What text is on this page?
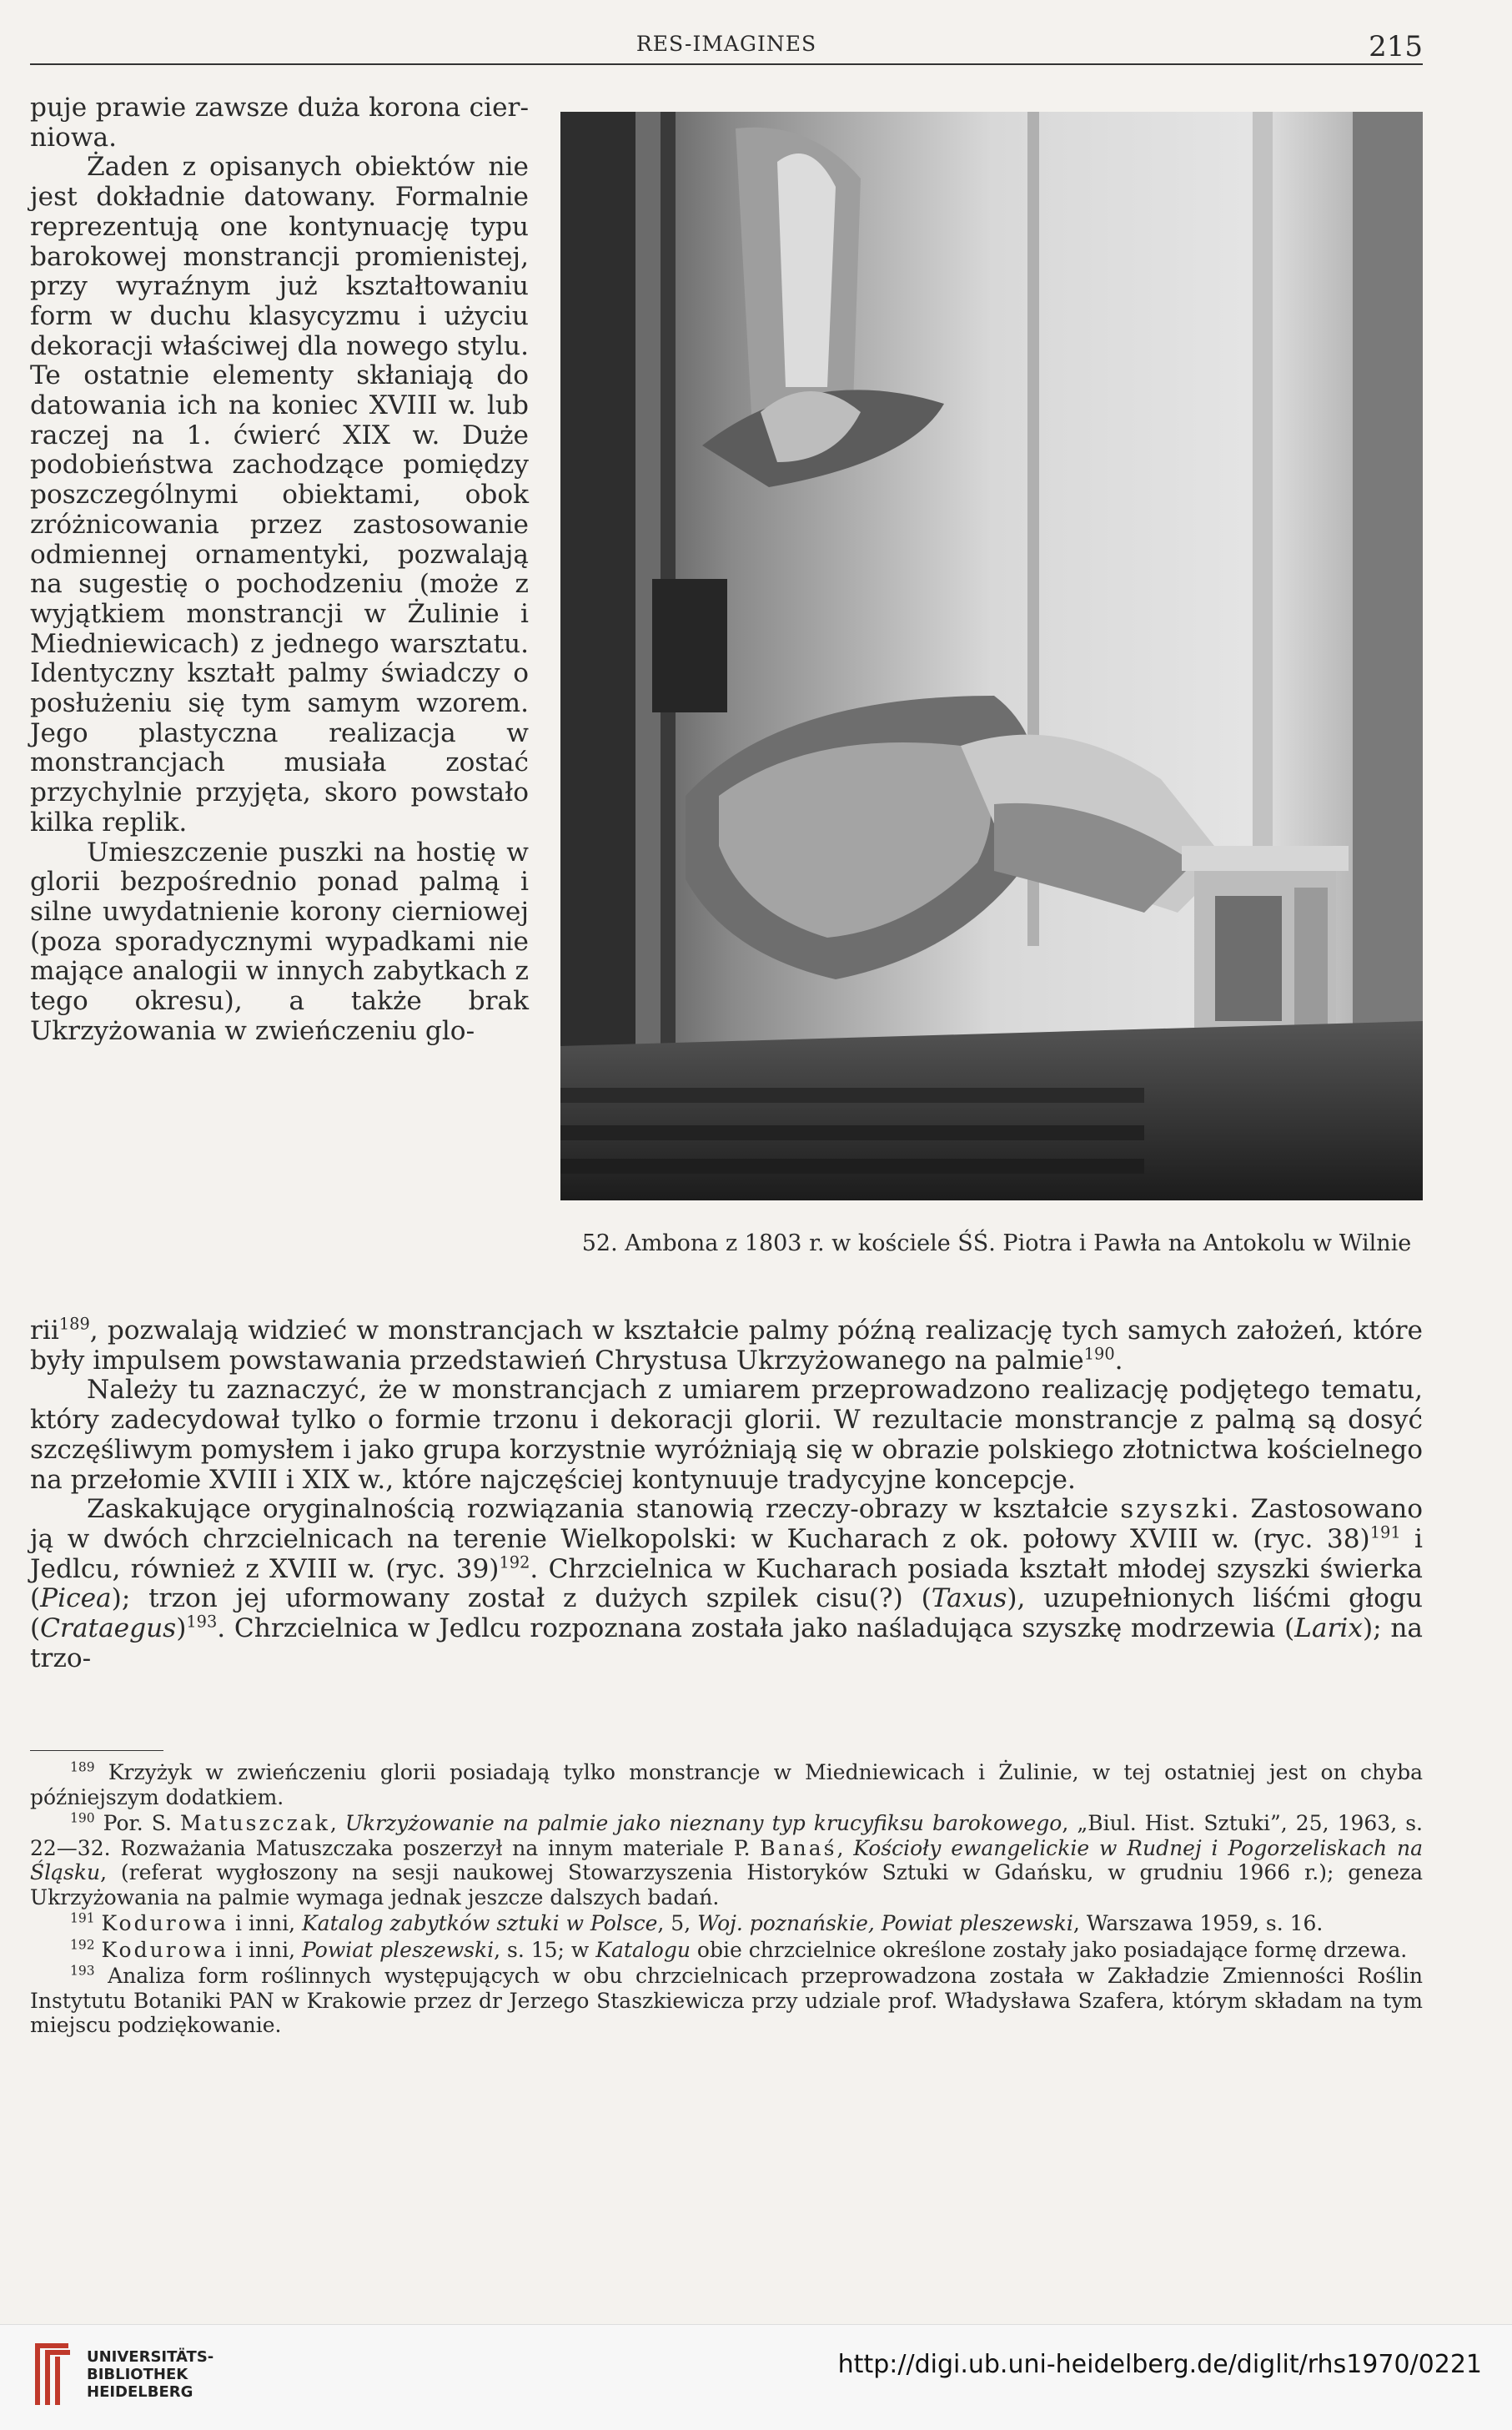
RES-IMAGINES	215

puje prawie zawsze duża korona cier-niowa.

Żaden z opisanych obiektów nie jest dokładnie datowany. Formalnie reprezentują one kontynuację typu barokowej monstrancji promienistej, przy wyraźnym już kształtowaniu form w duchu klasycyzmu i użyciu dekoracji właściwej dla nowego stylu. Te ostatnie elementy skłaniają do datowania ich na koniec XVIII w. lub raczej na 1. ćwierć XIX w. Duże podobieństwa zachodzące pomiędzy poszczególnymi obiektami, obok zróżnicowania przez zastosowanie odmiennej ornamentyki, pozwalają na sugestię o pochodzeniu (może z wyjątkiem monstrancji w Żulinie i Miedniewicach) z jednego warsztatu. Identyczny kształt palmy świadczy o posłużeniu się tym samym wzorem. Jego plastyczna realizacja w monstrancjach musiała zostać przychylnie przyjęta, skoro powstało kilka replik.

Umieszczenie puszki na hostię w glorii bezpośrednio ponad palmą i silne uwydatnienie korony cierniowej (poza sporadycznymi wypadkami nie mające analogii w innych zabytkach z tego okresu), a także brak Ukrzyżowania w zwieńczeniu glo-

52. Ambona z 1803 r. w kościele ŚŚ. Piotra i Pawła na Antokolu w Wilnie

rii$^{189}$, pozwalają widzieć w monstrancjach w kształcie palmy późną realizację tych samych założeń, które były impulsem powstawania przedstawień Chrystusa Ukrzyżowanego na palmie$^{190}$.

Należy tu zaznaczyć, że w monstrancjach z umiarem przeprowadzono realizację podjętego tematu, który zadecydował tylko o formie trzonu i dekoracji glorii. W rezultacie monstrancje z palmą są dosyć szczęśliwym pomysłem i jako grupa korzystnie wyróżniają się w obrazie polskiego złotnictwa kościelnego na przełomie XVIII i XIX w., które najczęściej kontynuuje tradycyjne koncepcje.

Zaskakujące oryginalnością rozwiązania stanowią rzeczy-obrazy w kształcie szyszki. Zastosowano ją w dwóch chrzcielnicach na terenie Wielkopolski: w Kucharach z ok. połowy XVIII w. (ryc. 38)$^{191}$ i Jedlcu, również z XVIII w. (ryc. 39)$^{192}$. Chrzcielnica w Kucharach posiada kształt młodej szyszki świerka (Picea); trzon jej uformowany został z dużych szpilek cisu(?) (Taxus), uzupełnionych liśćmi głogu (Crataegus)$^{193}$. Chrzcielnica w Jedlcu rozpoznana została jako naśladująca szyszkę modrzewia (Larix); na trzo-

$^{189}$ Krzyżyk w zwieńczeniu glorii posiadają tylko monstrancje w Miedniewicach i Żulinie, w tej ostatniej jest on chyba późniejszym dodatkiem.

$^{190}$ Por. S. Matuszczak, Ukrzyżowanie na palmie jako nieznany typ krucyfiksu barokowego, „Biul. Hist. Sztuki”, 25, 1963, s. 22—32. Rozważania Matuszczaka poszerzył na innym materiale P. Banaś, Kościoły ewangelickie w Rudnej i Pogorzeliskach na Śląsku, (referat wygłoszony na sesji naukowej Stowarzyszenia Historyków Sztuki w Gdańsku, w grudniu 1966 r.); geneza Ukrzyżowania na palmie wymaga jednak jeszcze dalszych badań.

$^{191}$ Kodurowa i inni, Katalog zabytków sztuki w Polsce, 5, Woj. poznańskie, Powiat pleszewski, Warszawa 1959, s. 16.

$^{192}$ Kodurowa i inni, Powiat pleszewski, s. 15; w Katalogu obie chrzcielnice określone zostały jako posiadające formę drzewa.

$^{193}$ Analiza form roślinnych występujących w obu chrzcielnicach przeprowadzona została w Zakładzie Zmienności Roślin Instytutu Botaniki PAN w Krakowie przez dr Jerzego Staszkiewicza przy udziale prof. Władysława Szafera, którym składam na tym miejscu podziękowanie.

UNIVERSITÄTS-
BIBLIOTHEK
HEIDELBERG
http://digi.ub.uni-heidelberg.de/diglit/rhs1970/0221
